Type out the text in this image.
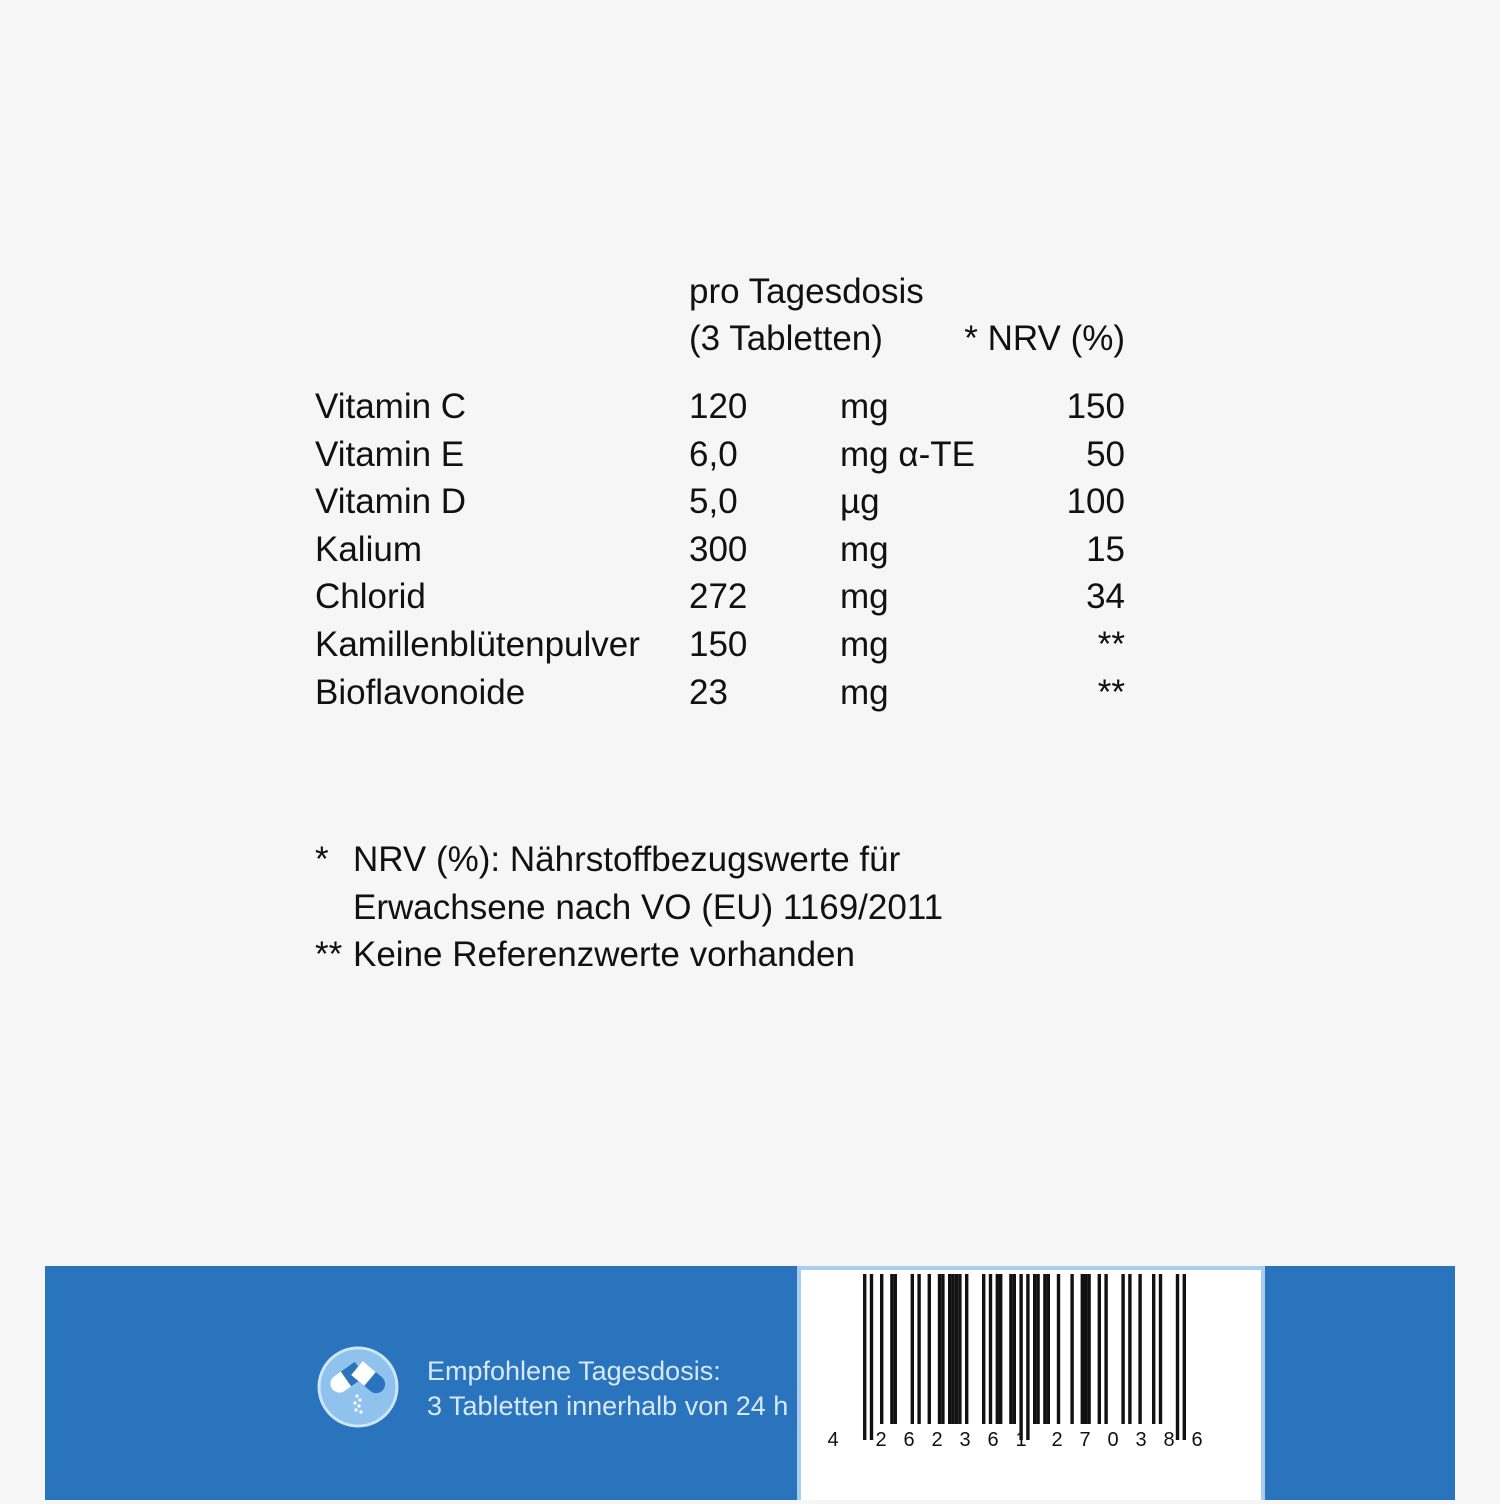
pro Tagesdosis
(3 Tabletten)	* NRV (%)
Vitamin C	120	mg	150
Vitamin E	6,0	mg α-TE	50
Vitamin D	5,0	µg	100
Kalium	300	mg	15
Chlorid	272	mg	34
Kamillenblütenpulver 150	mg	**
Bioflavonoide	23	mg	**
* NRV (%): Nährstoffbezugswerte für
Erwachsene nach VO (EU) 1169/2011
** Keine Referenzwerte vorhanden
Empfohlene Tagesdosis:
3 Tabletten innerhalb von 24 h
4 2 6 2 3 6 1 2 7 0 3 8 6
